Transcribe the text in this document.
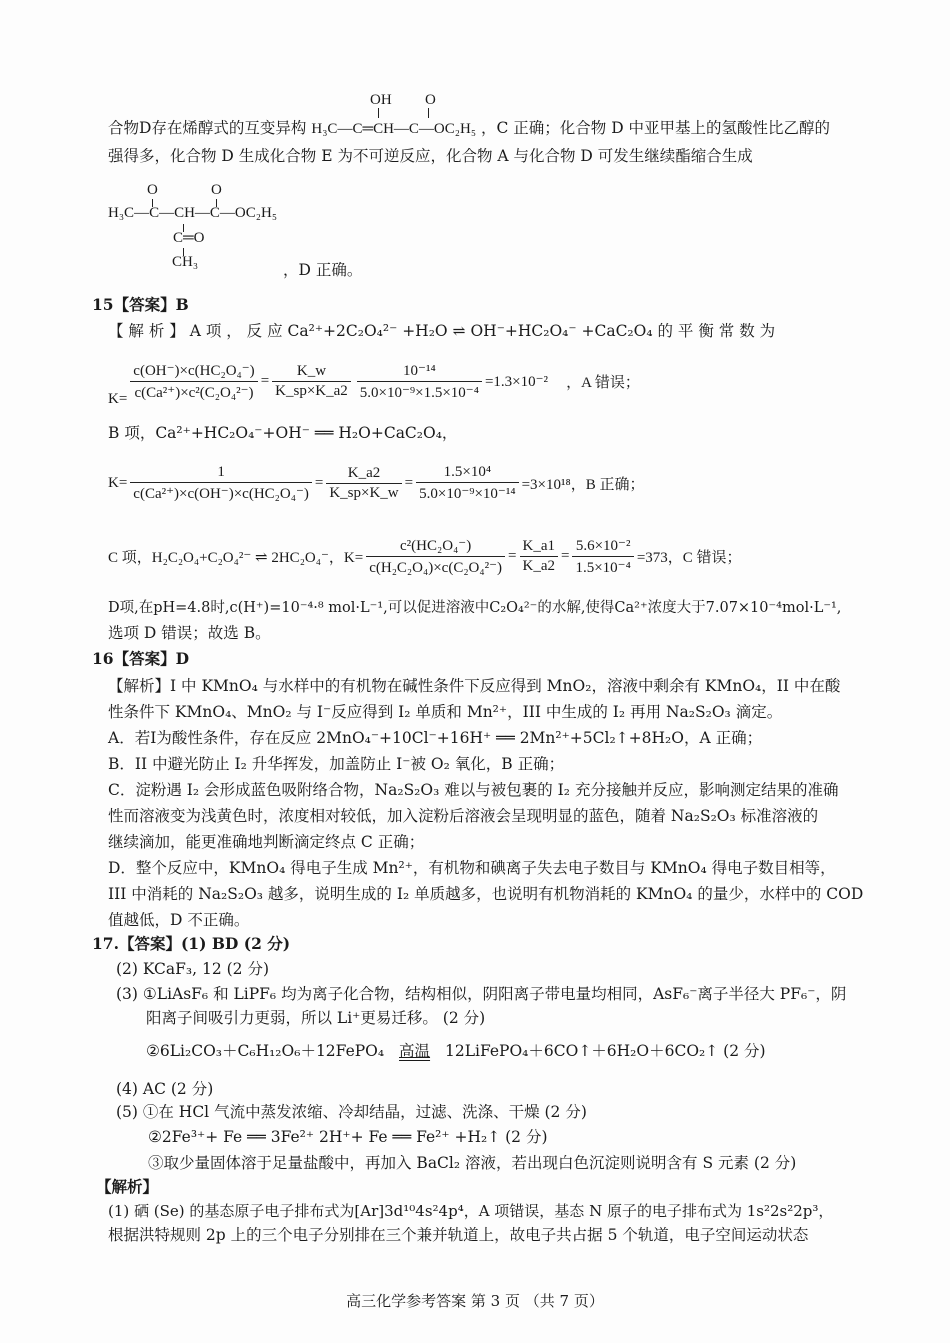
OH O
合物D存在烯醇式的互变异构 H₃C—C═CH—C—OC₂H₅ ，C 正确；化合物 D 中亚甲基上的氢酸性比乙醇的
强得多，化合物 D 生成化合物 E 为不可逆反应，化合物 A 与化合物 D 可发生继续酯缩合生成
O	O
H₃C—C—CH—C—OC₂H₅
C═O
CH₃	，D 正确。
15【答案】B
【 解 析 】 A 项 ， 反 应 Ca²⁺+2C₂O₄²⁻ +H₂O ⇌ OH⁻+HC₂O₄⁻ +CaC₂O₄ 的 平 衡 常 数 为
$K= \frac{\text{c(OH⁻)×c(HC₂O₄⁻)}}{\text{c(Ca²⁺)×c²(C₂O₄²⁻)}} = \frac{K\_w}{K\_sp\times K\_a2} \frac{\text{10⁻¹⁴}}{\text{5.0×10⁻⁹×1.5×10⁻⁴}} =1.3\times 10^{-2}$ ，A 错误；
B 项，Ca²⁺+HC₂O₄⁻+OH⁻ ══ H₂O+CaC₂O₄，
$K= \frac{1}{\text{c(Ca²⁺)×c(OH⁻)×c(HC₂O₄⁻)}} = \frac{K\_a2}{K\_sp\times K\_w} = \frac{\text{1.5×10⁴}}{\text{5.0×10⁻⁹×10⁻¹⁴}} =3\times 10^{18}$，B 正确；
C 项，H₂C₂O₄+C₂O₄²⁻ ⇌ 2HC₂O₄⁻，$K= \frac{\text{c²(HC₂O₄⁻)}}{\text{c(H₂C₂O₄)×c(C₂O₄²⁻)}} = \frac{K\_a1}{K\_a2} = \frac{\text{5.6×10⁻²}}{\text{1.5×10⁻⁴}} =373$，C 错误；
D项,在pH=4.8时,c(H⁺)=10⁻⁴·⁸ mol·L⁻¹,可以促进溶液中C₂O₄²⁻的水解,使得Ca²⁺浓度大于7.07×10⁻⁴mol·L⁻¹,
选项 D 错误；故选 B。
16【答案】D
【解析】I 中 KMnO₄ 与水样中的有机物在碱性条件下反应得到 MnO₂，溶液中剩余有 KMnO₄，II 中在酸
性条件下 KMnO₄、MnO₂ 与 I⁻反应得到 I₂ 单质和 Mn²⁺，III 中生成的 I₂ 再用 Na₂S₂O₃ 滴定。
A．若I为酸性条件，存在反应 2MnO₄⁻+10Cl⁻+16H⁺ ══ 2Mn²⁺+5Cl₂↑+8H₂O，A 正确；
B．II 中避光防止 I₂ 升华挥发，加盖防止 I⁻被 O₂ 氧化，B 正确；
C．淀粉遇 I₂ 会形成蓝色吸附络合物，Na₂S₂O₃ 难以与被包裹的 I₂ 充分接触并反应，影响测定结果的准确
性而溶液变为浅黄色时，浓度相对较低，加入淀粉后溶液会呈现明显的蓝色，随着 Na₂S₂O₃ 标准溶液的
继续滴加，能更准确地判断滴定终点 C 正确；
D．整个反应中，KMnO₄ 得电子生成 Mn²⁺，有机物和碘离子失去电子数目与 KMnO₄ 得电子数目相等，
III 中消耗的 Na₂S₂O₃ 越多，说明生成的 I₂ 单质越多，也说明有机物消耗的 KMnO₄ 的量少，水样中的 COD
值越低，D 不正确。
17.【答案】(1) BD (2 分)
(2) KCaF₃, 12 (2 分)
(3) ①LiAsF₆ 和 LiPF₆ 均为离子化合物，结构相似，阴阳离子带电量均相同，AsF₆⁻离子半径大 PF₆⁻，阴
阳离子间吸引力更弱，所以 Li⁺更易迁移。 (2 分)
②6Li₂CO₃＋C₆H₁₂O₆＋12FePO₄ 高温 12LiFePO₄＋6CO↑＋6H₂O＋6CO₂↑ (2 分)
(4) AC (2 分)
(5) ①在 HCl 气流中蒸发浓缩、冷却结晶，过滤、洗涤、干燥 (2 分)
②2Fe³⁺+ Fe ══ 3Fe²⁺ 2H⁺+ Fe ══ Fe²⁺ +H₂↑ (2 分)
③取少量固体溶于足量盐酸中，再加入 BaCl₂ 溶液，若出现白色沉淀则说明含有 S 元素 (2 分)
【解析】
(1) 硒 (Se) 的基态原子电子排布式为[Ar]3d¹⁰4s²4p⁴，A 项错误，基态 N 原子的电子排布式为 1s²2s²2p³，
根据洪特规则 2p 上的三个电子分别排在三个兼并轨道上，故电子共占据 5 个轨道，电子空间运动状态
高三化学参考答案 第 3 页 （共 7 页）
